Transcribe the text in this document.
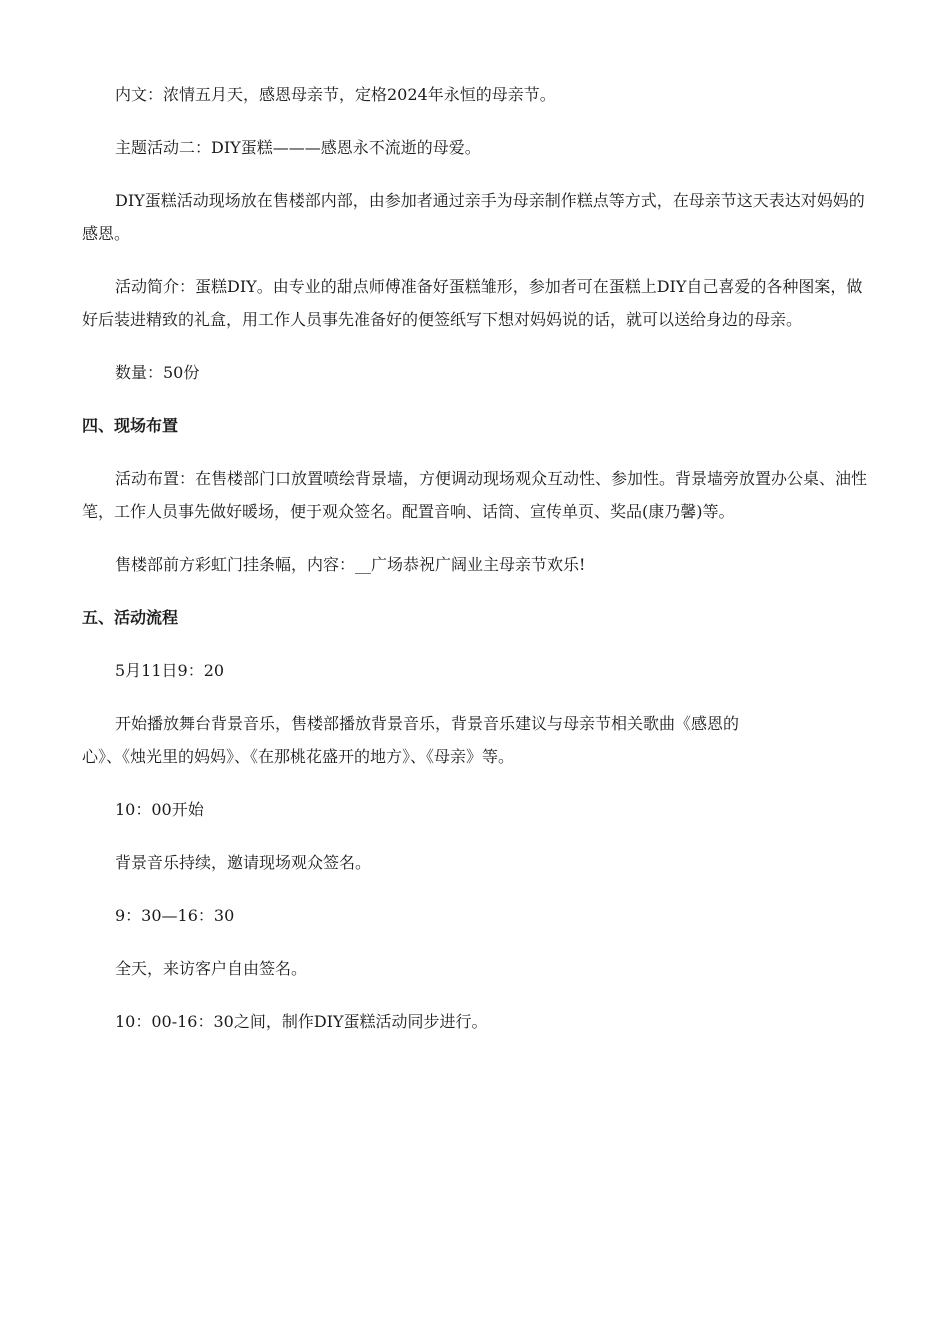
内文：浓情五月天，感恩母亲节，定格2024年永恒的母亲节。

主题活动二：DIY蛋糕———感恩永不流逝的母爱。

DIY蛋糕活动现场放在售楼部内部，由参加者通过亲手为母亲制作糕点等方式，在母亲节这天表达对妈妈的感恩。

活动简介：蛋糕DIY。由专业的甜点师傅准备好蛋糕雏形，参加者可在蛋糕上DIY自己喜爱的各种图案，做好后装进精致的礼盒，用工作人员事先准备好的便签纸写下想对妈妈说的话，就可以送给身边的母亲。

数量：50份

四、现场布置

活动布置：在售楼部门口放置喷绘背景墙，方便调动现场观众互动性、参加性。背景墙旁放置办公桌、油性笔，工作人员事先做好暖场，便于观众签名。配置音响、话筒、宣传单页、奖品(康乃馨)等。

售楼部前方彩虹门挂条幅，内容：__广场恭祝广阔业主母亲节欢乐!

五、活动流程

5月11日9：20

开始播放舞台背景音乐，售楼部播放背景音乐，背景音乐建议与母亲节相关歌曲《感恩的
心》、《烛光里的妈妈》、《在那桃花盛开的地方》、《母亲》等。

10：00开始

背景音乐持续，邀请现场观众签名。

9：30—16：30

全天，来访客户自由签名。

10：00-16：30之间，制作DIY蛋糕活动同步进行。
